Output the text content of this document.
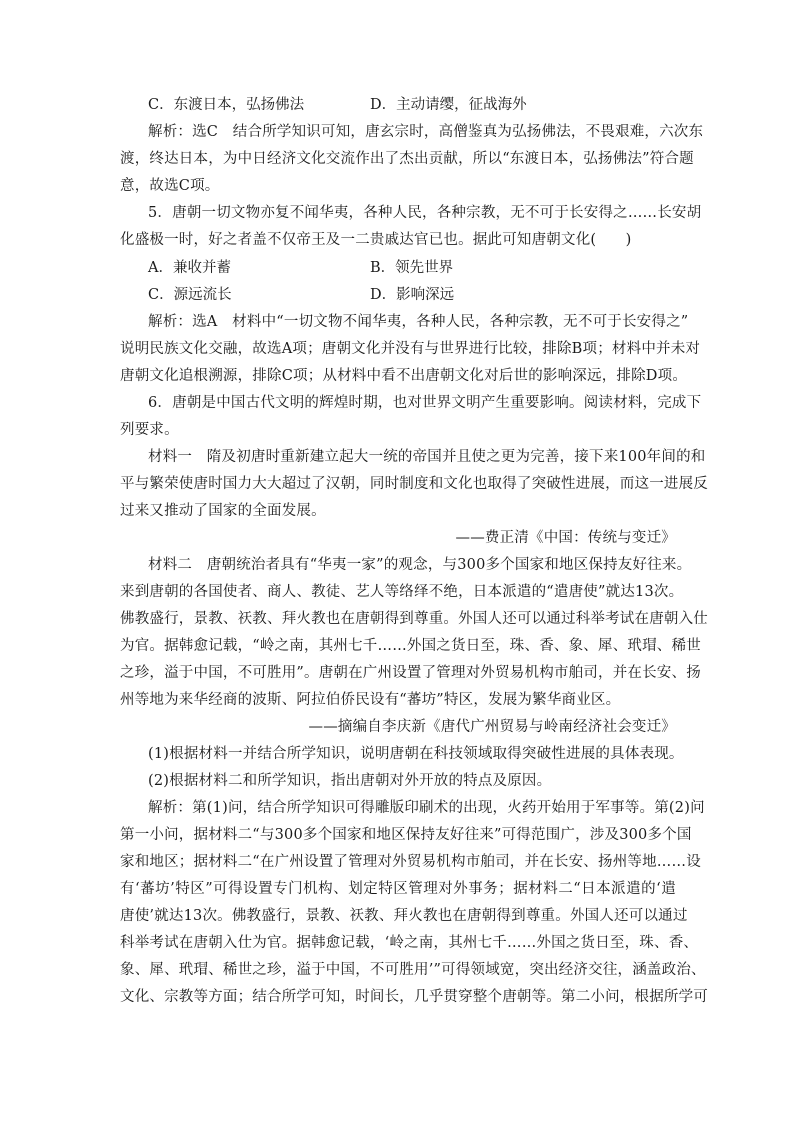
C．东渡日本，弘扬佛法	D．主动请缨，征战海外
解析：选C　结合所学知识可知，唐玄宗时，高僧鉴真为弘扬佛法，不畏艰难，六次东
渡，终达日本，为中日经济文化交流作出了杰出贡献，所以“东渡日本，弘扬佛法”符合题
意，故选C项。
5．唐朝一切文物亦复不闻华夷，各种人民，各种宗教，无不可于长安得之……长安胡
化盛极一时，好之者盖不仅帝王及一二贵戚达官已也。据此可知唐朝文化(　　)
A．兼收并蓄	B．领先世界
C．源远流长	D．影响深远
解析：选A　材料中“一切文物不闻华夷，各种人民，各种宗教，无不可于长安得之”
说明民族文化交融，故选A项；唐朝文化并没有与世界进行比较，排除B项；材料中并未对
唐朝文化追根溯源，排除C项；从材料中看不出唐朝文化对后世的影响深远，排除D项。
6．唐朝是中国古代文明的辉煌时期，也对世界文明产生重要影响。阅读材料，完成下
列要求。
材料一　隋及初唐时重新建立起大一统的帝国并且使之更为完善，接下来100年间的和
平与繁荣使唐时国力大大超过了汉朝，同时制度和文化也取得了突破性进展，而这一进展反
过来又推动了国家的全面发展。
——费正清《中国：传统与变迁》
材料二　唐朝统治者具有“华夷一家”的观念，与300多个国家和地区保持友好往来。
来到唐朝的各国使者、商人、教徒、艺人等络绎不绝，日本派遣的“遣唐使”就达13次。
佛教盛行，景教、祆教、拜火教也在唐朝得到尊重。外国人还可以通过科举考试在唐朝入仕
为官。据韩愈记载，“岭之南，其州七千……外国之货日至，珠、香、象、犀、玳瑁、稀世
之珍，溢于中国，不可胜用”。唐朝在广州设置了管理对外贸易机构市舶司，并在长安、扬
州等地为来华经商的波斯、阿拉伯侨民设有“蕃坊”特区，发展为繁华商业区。
——摘编自李庆新《唐代广州贸易与岭南经济社会变迁》
(1)根据材料一并结合所学知识，说明唐朝在科技领域取得突破性进展的具体表现。
(2)根据材料二和所学知识，指出唐朝对外开放的特点及原因。
解析：第(1)问，结合所学知识可得雕版印刷术的出现，火药开始用于军事等。第(2)问
第一小问，据材料二“与300多个国家和地区保持友好往来”可得范围广，涉及300多个国
家和地区；据材料二“在广州设置了管理对外贸易机构市舶司，并在长安、扬州等地……设
有‘蕃坊’特区”可得设置专门机构、划定特区管理对外事务；据材料二“日本派遣的‘遣
唐使’就达13次。佛教盛行，景教、祆教、拜火教也在唐朝得到尊重。外国人还可以通过
科举考试在唐朝入仕为官。据韩愈记载，‘岭之南，其州七千……外国之货日至，珠、香、
象、犀、玳瑁、稀世之珍，溢于中国，不可胜用’”可得领域宽，突出经济交往，涵盖政治、
文化、宗教等方面；结合所学可知，时间长，几乎贯穿整个唐朝等。第二小问，根据所学可
